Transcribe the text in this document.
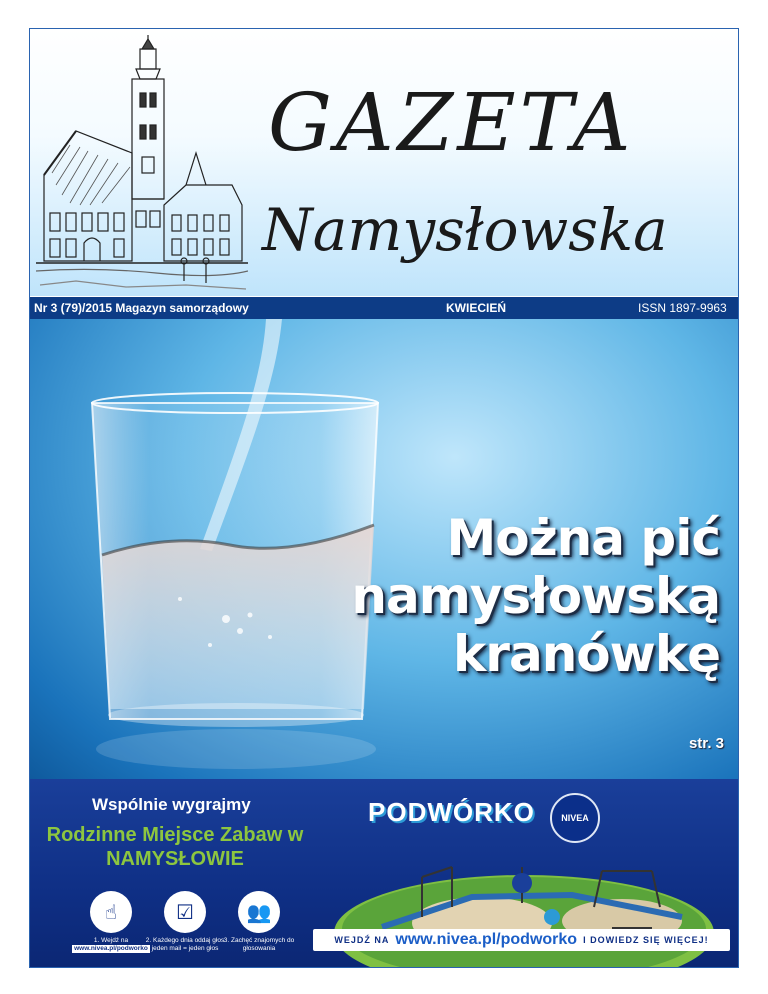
GAZETA
Namysłowska
Nr 3 (79)/2015 Magazyn samorządowy	KWIECIEŃ	ISSN 1897-9963
Można pić
namysłowską
kranówkę
str. 3
Wspólnie wygrajmy
Rodzinne Miejsce Zabaw w NAMYSŁOWIE
☝
1. Wejdź na
www.nivea.pl/podworko
☑
2. Każdego dnia oddaj głos jeden mail = jeden głos
👥
3. Zachęć znajomych do głosowania
PODWÓRKO	NIVEA
WEJDŹ NA www.nivea.pl/podworko I DOWIEDZ SIĘ WIĘCEJ!
